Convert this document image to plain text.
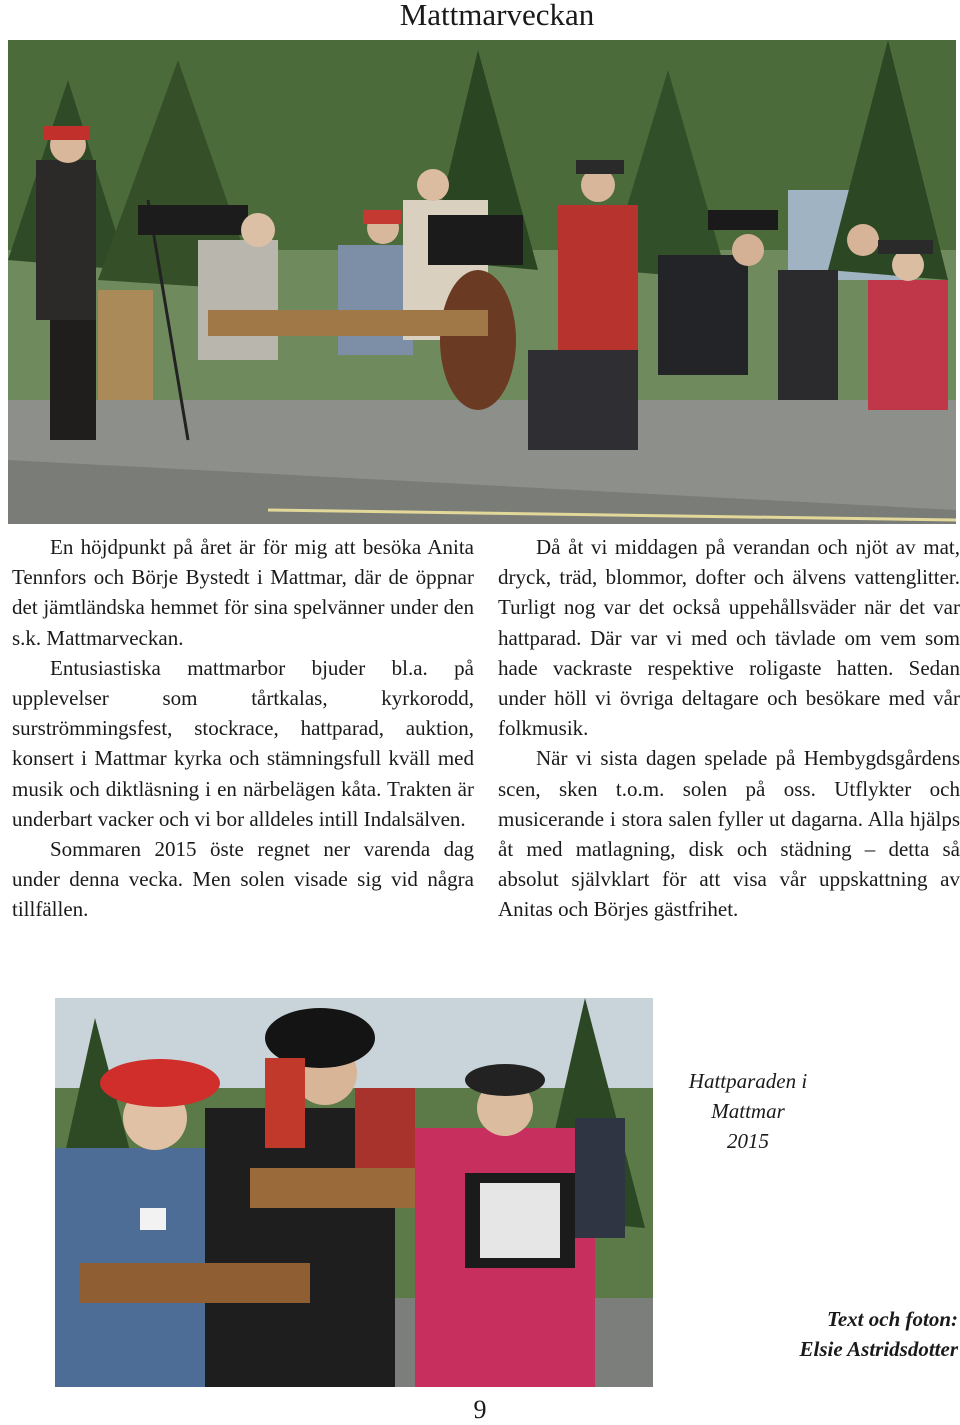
Mattmarveckan

En höjdpunkt på året är för mig att besöka Anita Tennfors och Börje Bystedt i Mattmar, där de öppnar det jämtländska hemmet för sina spelvänner under den s.k. Mattmarveckan.

Entusiastiska mattmarbor bjuder bl.a. på upplevelser som tårtkalas, kyrkorodd, surströmmingsfest, stockrace, hattparad, auktion, konsert i Mattmar kyrka och stämningsfull kväll med musik och diktläsning i en närbelägen kåta. Trakten är underbart vacker och vi bor alldeles intill Indalsälven.

Sommaren 2015 öste regnet ner varenda dag under denna vecka. Men solen visade sig vid några tillfällen.

Då åt vi middagen på verandan och njöt av mat, dryck, träd, blommor, dofter och älvens vattenglitter. Turligt nog var det också uppehållsväder när det var hattparad. Där var vi med och tävlade om vem som hade vackraste respektive roligaste hatten. Sedan under höll vi övriga deltagare och besökare med vår folkmusik.

När vi sista dagen spelade på Hembygdsgårdens scen, sken t.o.m. solen på oss. Utflykter och musicerande i stora salen fyller ut dagarna. Alla hjälps åt med matlagning, disk och städning – detta så absolut självklart för att visa vår uppskattning av Anitas och Börjes gästfrihet.

Hattparaden i Mattmar
2015
Text och foton:
Elsie Astridsdotter
9
